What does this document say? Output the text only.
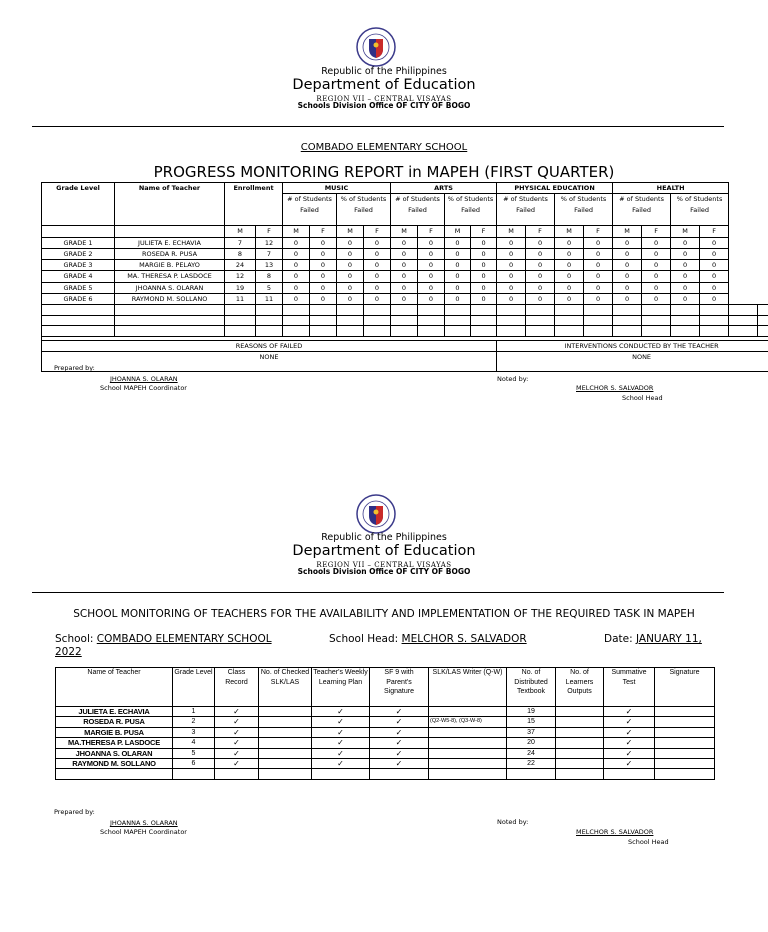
Republic of the Philippines
Department of Education
REGION VII – CENTRAL VISAYAS
Schools Division Office OF CITY OF BOGO
COMBADO ELEMENTARY SCHOOL
PROGRESS MONITORING REPORT in MAPEH (FIRST QUARTER)
Grade Level	Name of Teacher	Enrollment		MUSIC				ARTS				PHYSICAL EDUCATION				HEALTH					
				# of Students Failed		% of Students Failed		# of Students Failed		% of Students Failed		# of Students Failed		% of Students Failed		# of Students Failed		% of Students Failed			
		M	F	M	F	M	F	M	F	M	F	M	F	M	F	M	F	M	F		
GRADE 1	JULIETA E. ECHAVIA	7	12	0	0	0	0	0	0	0	0	0	0	0	0	0	0	0	0		
GRADE 2	ROSEDA R. PUSA	8	7	0	0	0	0	0	0	0	0	0	0	0	0	0	0	0	0		
GRADE 3	MARGIE B. PELAYO	24	13	0	0	0	0	0	0	0	0	0	0	0	0	0	0	0	0		
GRADE 4	MA. THERESA P. LASDOCE	12	8	0	0	0	0	0	0	0	0	0	0	0	0	0	0	0	0		
GRADE 5	JHOANNA S. OLARAN	19	5	0	0	0	0	0	0	0	0	0	0	0	0	0	0	0	0		
GRADE 6	RAYMOND M. SOLLANO	11	11	0	0	0	0	0	0	0	0	0	0	0	0	0	0	0	0		

REASONS OF FAILED												INTERVENTIONS CONDUCTED BY THE TEACHER									
NONE												NONE									
Prepared by:
JHOANNA S. OLARAN
School MAPEH Coordinator
Noted by:
MELCHOR S. SALVADOR
School Head
Republic of the Philippines
Department of Education
REGION VII – CENTRAL VISAYAS
Schools Division Office OF CITY OF BOGO
SCHOOL MONITORING OF TEACHERS FOR THE AVAILABILITY AND IMPLEMENTATION OF THE REQUIRED TASK IN MAPEH
School: COMBADO ELEMENTARY SCHOOL
2022
School Head: MELCHOR S. SALVADOR	Date: JANUARY 11,
Name of Teacher	Grade Level	Class Record	No. of Checked SLK/LAS	Teacher's Weekly Learning Plan	SF 9 with Parent's Signature	SLK/LAS Writer (Q-W)	No. of Distributed Textbook	No. of Learners Outputs	Summative Test	Signature
JULIETA E. ECHAVIA	1	✓		✓	✓		19		✓	
ROSEDA R. PUSA	2	✓		✓	✓	(Q2-W5-8), (Q3-W-8)	15		✓	
MARGIE B. PUSA	3	✓		✓	✓		37		✓	
MA.THERESA P. LASDOCE	4	✓		✓	✓		20		✓	
JHOANNA S. OLARAN	5	✓		✓	✓		24		✓	
RAYMOND M. SOLLANO	6	✓		✓	✓		22		✓	

Prepared by:
JHOANNA S. OLARAN
School MAPEH Coordinator
Noted by:
MELCHOR S. SALVADOR
School Head
